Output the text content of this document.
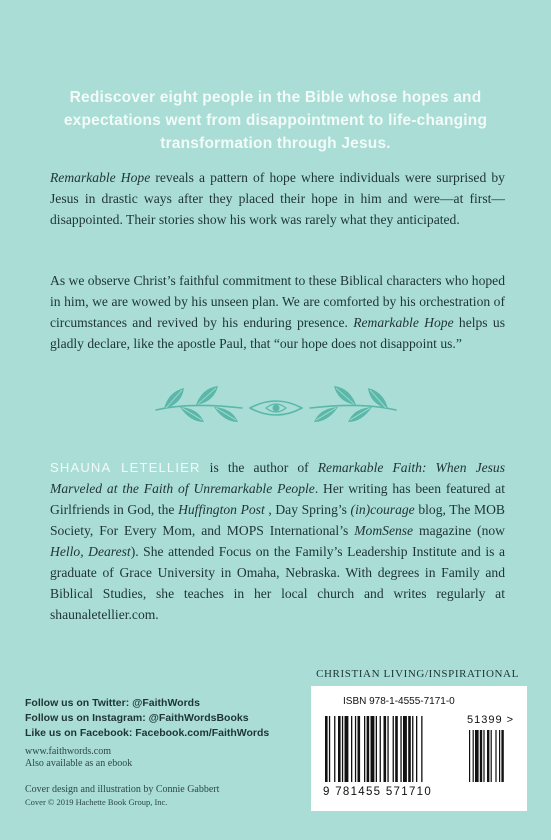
Rediscover eight people in the Bible whose hopes and expectations went from disappointment to life-changing transformation through Jesus.
Remarkable Hope reveals a pattern of hope where individuals were surprised by Jesus in drastic ways after they placed their hope in him and were—at first—disappointed. Their stories show his work was rarely what they anticipated.
As we observe Christ’s faithful commitment to these Biblical characters who hoped in him, we are wowed by his unseen plan. We are comforted by his orchestration of circumstances and revived by his enduring presence. Remarkable Hope helps us gladly declare, like the apostle Paul, that “our hope does not disappoint us.”
SHAUNA LETELLIER is the author of Remarkable Faith: When Jesus Marveled at the Faith of Unremarkable People. Her writing has been featured at Girlfriends in God, the Huffington Post , Day Spring’s (in)courage blog, The MOB Society, For Every Mom, and MOPS International’s MomSense magazine (now Hello, Dearest). She attended Focus on the Family’s Leadership Institute and is a graduate of Grace University in Omaha, Nebraska. With degrees in Family and Biblical Studies, she teaches in her local church and writes regularly at shaunaletellier.com.
CHRISTIAN LIVING/INSPIRATIONAL
ISBN 978-1-4555-7171-0
51399 >
9 781455 571710
Follow us on Twitter: @FaithWords
Follow us on Instagram: @FaithWordsBooks
Like us on Facebook: Facebook.com/FaithWords
www.faithwords.com
Also available as an ebook
Cover design and illustration by Connie Gabbert
Cover © 2019 Hachette Book Group, Inc.
